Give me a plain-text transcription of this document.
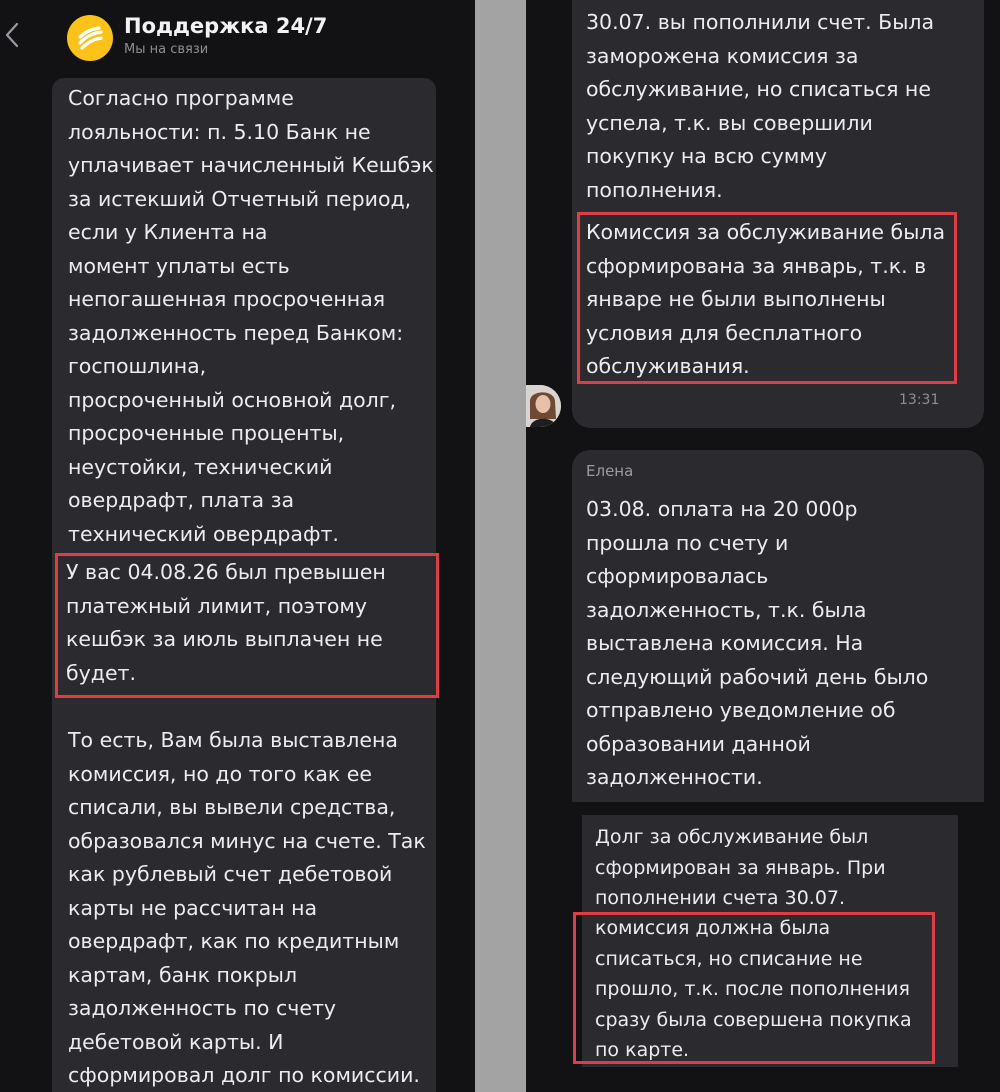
Поддержка 24/7
Мы на связи
Согласно программе
лояльности: п. 5.10 Банк не
уплачивает начисленный Кешбэк
за истекший Отчетный период,
если у Клиента на
момент уплаты есть
непогашенная просроченная
задолженность перед Банком:
госпошлина,
просроченный основной долг,
просроченные проценты,
неустойки, технический
овердрафт, плата за
технический овердрафт.
У вас 04.08.26 был превышен
платежный лимит, поэтому
кешбэк за июль выплачен не
будет.
То есть, Вам была выставлена
комиссия, но до того как ее
списали, вы вывели средства,
образовался минус на счете. Так
как рублевый счет дебетовой
карты не рассчитан на
овердрафт, как по кредитным
картам, банк покрыл
задолженность по счету
дебетовой карты. И
сформировал долг по комиссии.
30.07. вы пополнили счет. Была
заморожена комиссия за
обслуживание, но списаться не
успела, т.к. вы совершили
покупку на всю сумму
пополнения.
Комиссия за обслуживание была
сформирована за январь, т.к. в
январе не были выполнены
условия для бесплатного
обслуживания.
13:31
Елена
03.08. оплата на 20 000р
прошла по счету и
сформировалась
задолженность, т.к. была
выставлена комиссия. На
следующий рабочий день было
отправлено уведомление об
образовании данной
задолженности.
Долг за обслуживание был
сформирован за январь. При
пополнении счета 30.07.
комиссия должна была
списаться, но списание не
прошло, т.к. после пополнения
сразу была совершена покупка
по карте.
